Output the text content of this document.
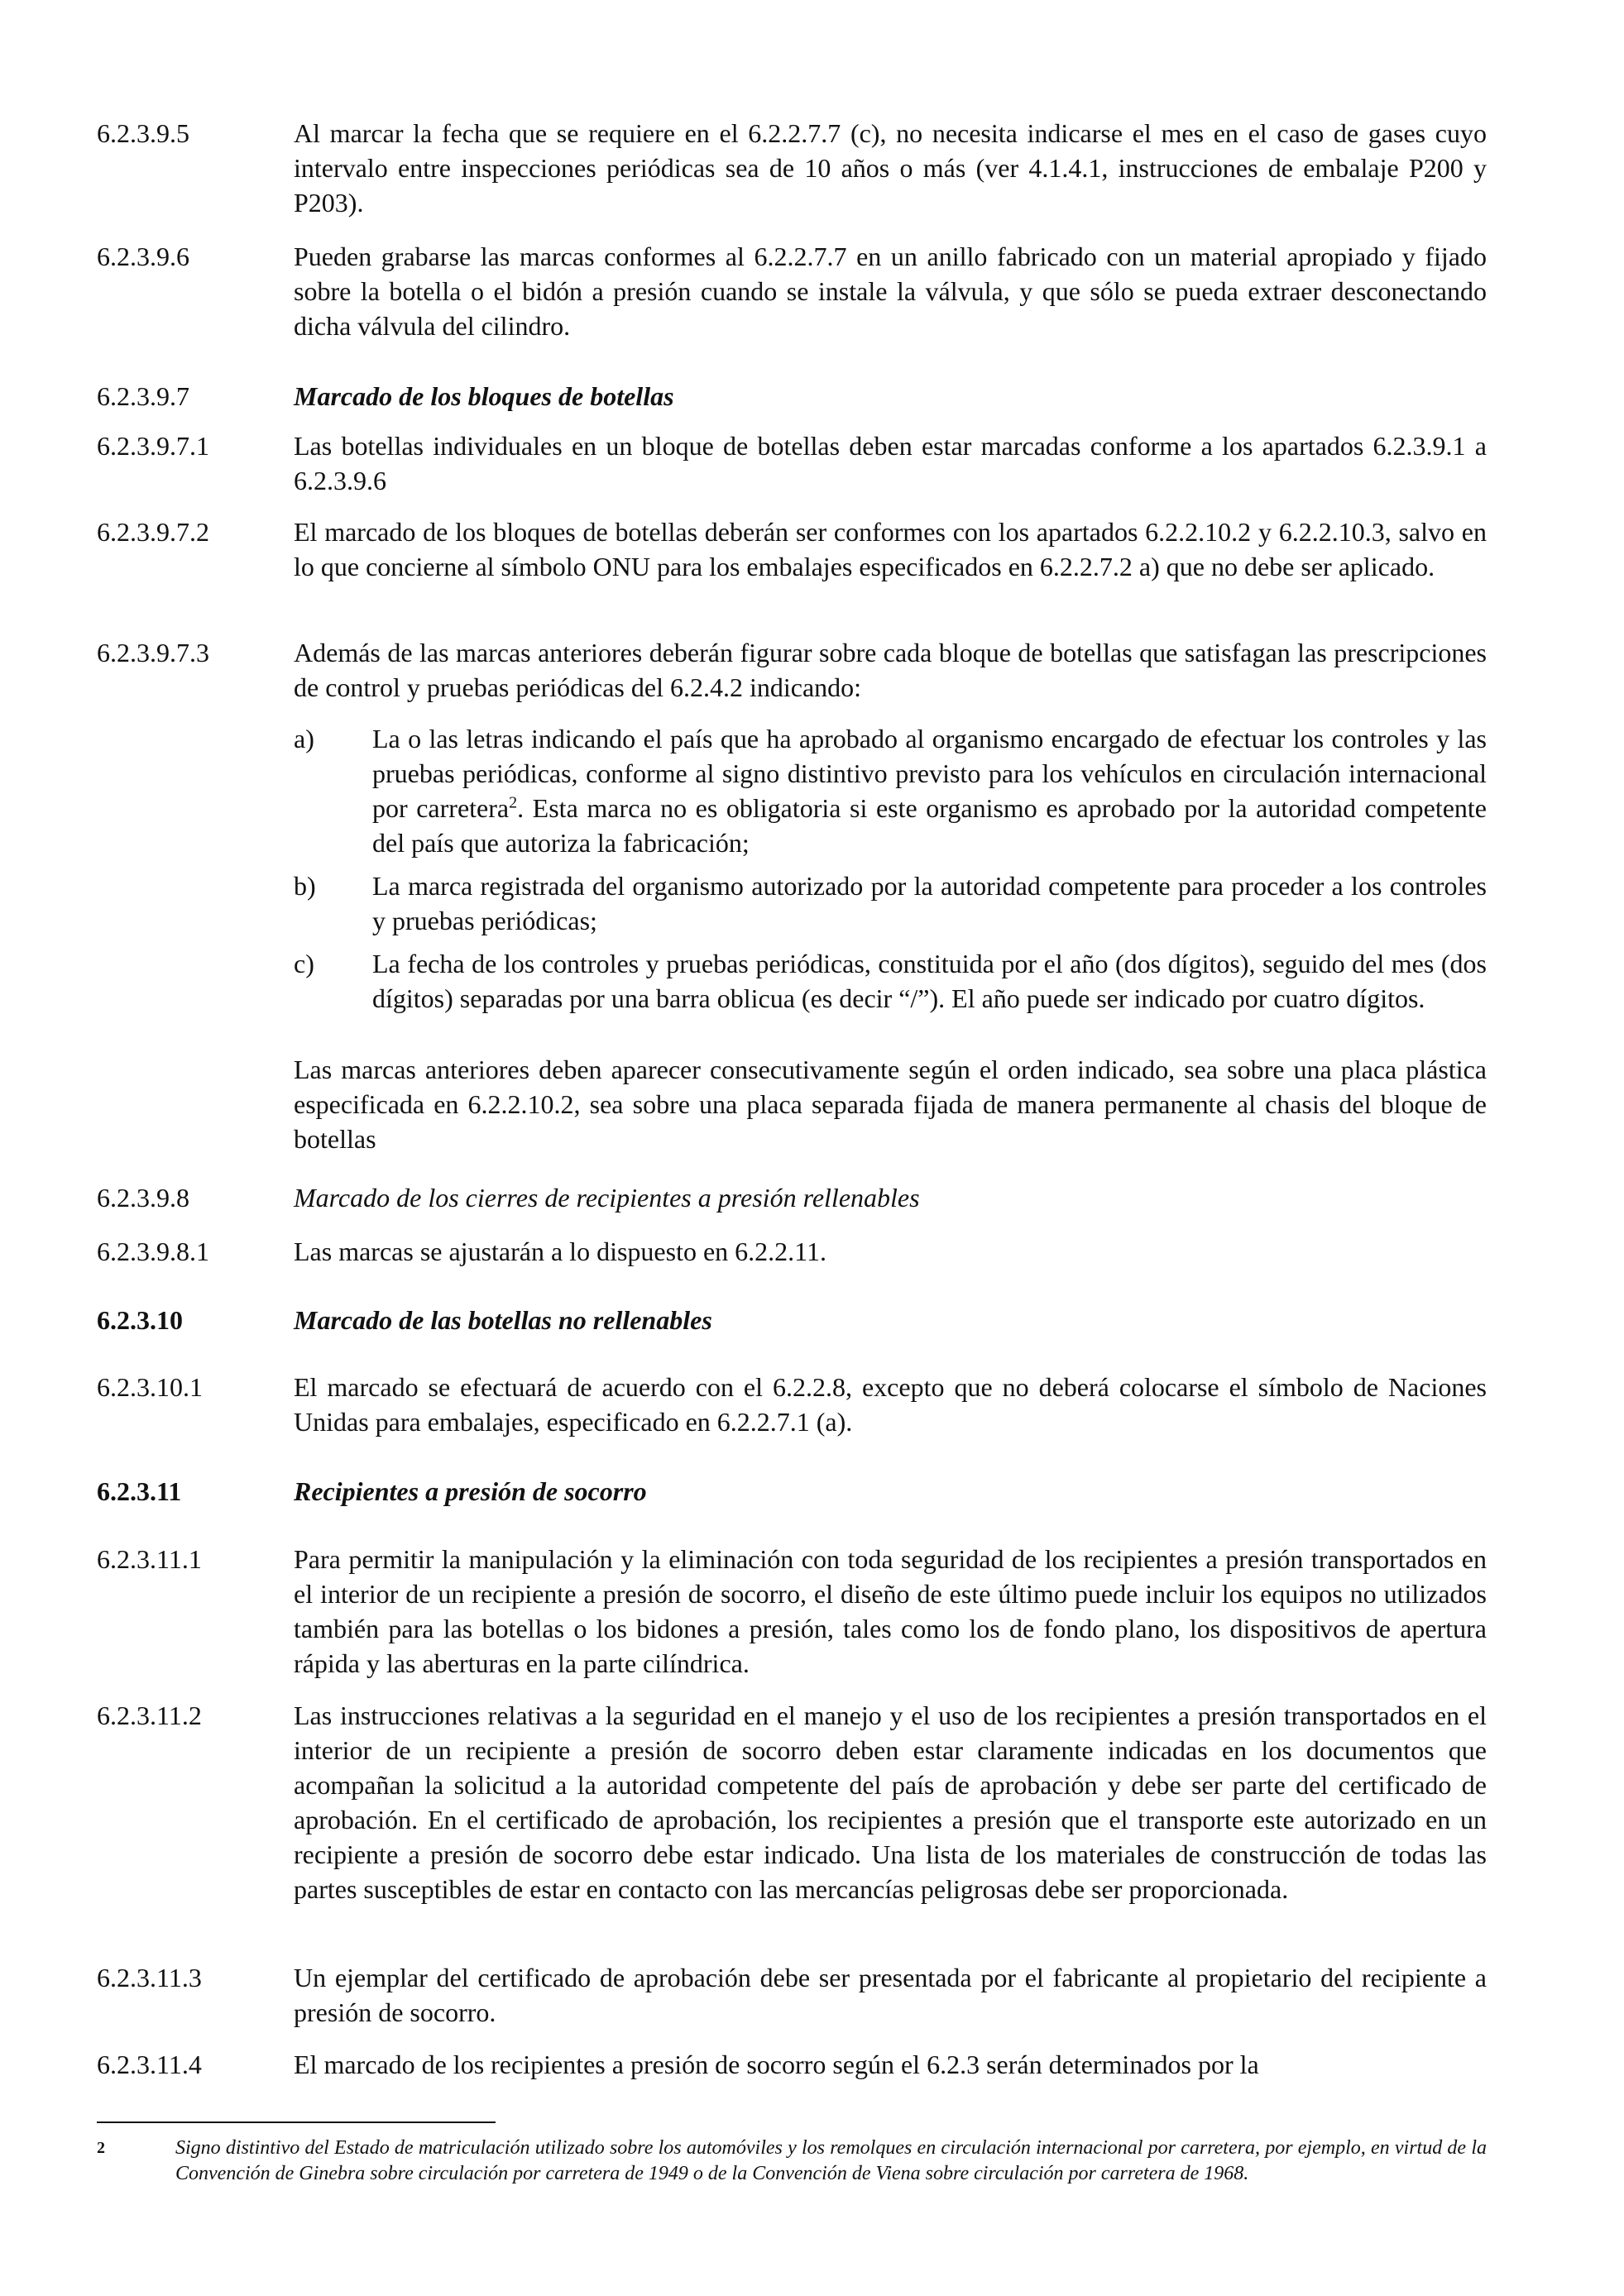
6.2.3.9.5	Al marcar la fecha que se requiere en el 6.2.2.7.7 (c), no necesita indicarse el mes en el caso de gases cuyo intervalo entre inspecciones periódicas sea de 10 años o más (ver 4.1.4.1, instrucciones de embalaje P200 y P203).
6.2.3.9.6	Pueden grabarse las marcas conformes al 6.2.2.7.7 en un anillo fabricado con un material apropiado y fijado sobre la botella o el bidón a presión cuando se instale la válvula, y que sólo se pueda extraer desconectando dicha válvula del cilindro.
6.2.3.9.7	Marcado de los bloques de botellas
6.2.3.9.7.1	Las botellas individuales en un bloque de botellas deben estar marcadas conforme a los apartados 6.2.3.9.1 a 6.2.3.9.6
6.2.3.9.7.2	El marcado de los bloques de botellas deberán ser conformes con los apartados 6.2.2.10.2 y 6.2.2.10.3, salvo en lo que concierne al símbolo ONU para los embalajes especificados en 6.2.2.7.2 a) que no debe ser aplicado.
6.2.3.9.7.3	Además de las marcas anteriores deberán figurar sobre cada bloque de botellas que satisfagan las prescripciones de control y pruebas periódicas del 6.2.4.2 indicando:
a)	La o las letras indicando el país que ha aprobado al organismo encargado de efectuar los controles y las pruebas periódicas, conforme al signo distintivo previsto para los vehículos en circulación internacional por carretera$^2$. Esta marca no es obligatoria si este organismo es aprobado por la autoridad competente del país que autoriza la fabricación;
b)	La marca registrada del organismo autorizado por la autoridad competente para proceder a los controles y pruebas periódicas;
c)	La fecha de los controles y pruebas periódicas, constituida por el año (dos dígitos), seguido del mes (dos dígitos) separadas por una barra oblicua (es decir “/”). El año puede ser indicado por cuatro dígitos.
Las marcas anteriores deben aparecer consecutivamente según el orden indicado, sea sobre una placa plástica especificada en 6.2.2.10.2, sea sobre una placa separada fijada de manera permanente al chasis del bloque de botellas
6.2.3.9.8	Marcado de los cierres de recipientes a presión rellenables
6.2.3.9.8.1	Las marcas se ajustarán a lo dispuesto en 6.2.2.11.
6.2.3.10	Marcado de las botellas no rellenables
6.2.3.10.1	El marcado se efectuará de acuerdo con el 6.2.2.8, excepto que no deberá colocarse el símbolo de Naciones Unidas para embalajes, especificado en 6.2.2.7.1 (a).
6.2.3.11	Recipientes a presión de socorro
6.2.3.11.1	Para permitir la manipulación y la eliminación con toda seguridad de los recipientes a presión transportados en el interior de un recipiente a presión de socorro, el diseño de este último puede incluir los equipos no utilizados también para las botellas o los bidones a presión, tales como los de fondo plano, los dispositivos de apertura rápida y las aberturas en la parte cilíndrica.
6.2.3.11.2	Las instrucciones relativas a la seguridad en el manejo y el uso de los recipientes a presión transportados en el interior de un recipiente a presión de socorro deben estar claramente indicadas en los documentos que acompañan la solicitud a la autoridad competente del país de aprobación y debe ser parte del certificado de aprobación. En el certificado de aprobación, los recipientes a presión que el transporte este autorizado en un recipiente a presión de socorro debe estar indicado. Una lista de los materiales de construcción de todas las partes susceptibles de estar en contacto con las mercancías peligrosas debe ser proporcionada.
6.2.3.11.3	Un ejemplar del certificado de aprobación debe ser presentada por el fabricante al propietario del recipiente a presión de socorro.
6.2.3.11.4	El marcado de los recipientes a presión de socorro según el 6.2.3 serán determinados por la
2	Signo distintivo del Estado de matriculación utilizado sobre los automóviles y los remolques en circulación internacional por carretera, por ejemplo, en virtud de la Convención de Ginebra sobre circulación por carretera de 1949 o de la Convención de Viena sobre circulación por carretera de 1968.
